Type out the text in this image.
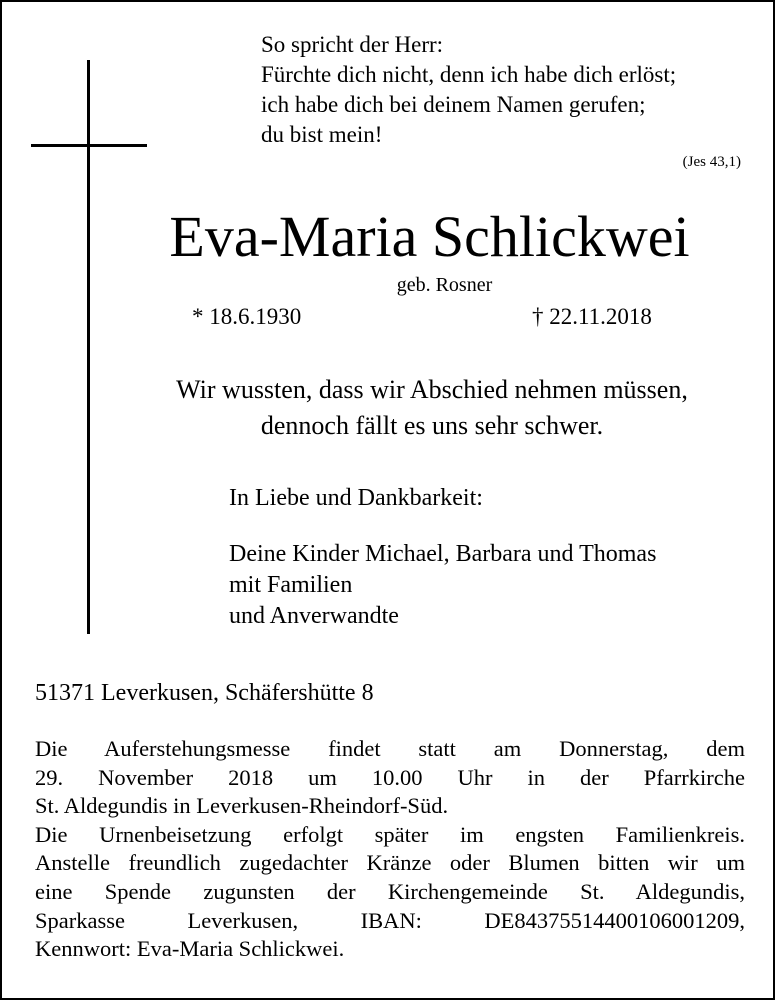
So spricht der Herr:
Fürchte dich nicht, denn ich habe dich erlöst;
ich habe dich bei deinem Namen gerufen;
du bist mein!
(Jes 43,1)
Eva-Maria Schlickwei
geb. Rosner
* 18.6.1930	† 22.11.2018
Wir wussten, dass wir Abschied nehmen müssen,
dennoch fällt es uns sehr schwer.
In Liebe und Dankbarkeit:
Deine Kinder Michael, Barbara und Thomas
mit Familien
und Anverwandte
51371 Leverkusen, Schäfershütte 8
Die Auferstehungsmesse findet statt am Donnerstag, dem
29. November 2018 um 10.00 Uhr in der Pfarrkirche
St. Aldegundis in Leverkusen-Rheindorf-Süd.
Die Urnenbeisetzung erfolgt später im engsten Familienkreis.
Anstelle freundlich zugedachter Kränze oder Blumen bitten wir um
eine Spende zugunsten der Kirchengemeinde St. Aldegundis,
Sparkasse Leverkusen, IBAN: DE84375514400106001209,
Kennwort: Eva-Maria Schlickwei.
